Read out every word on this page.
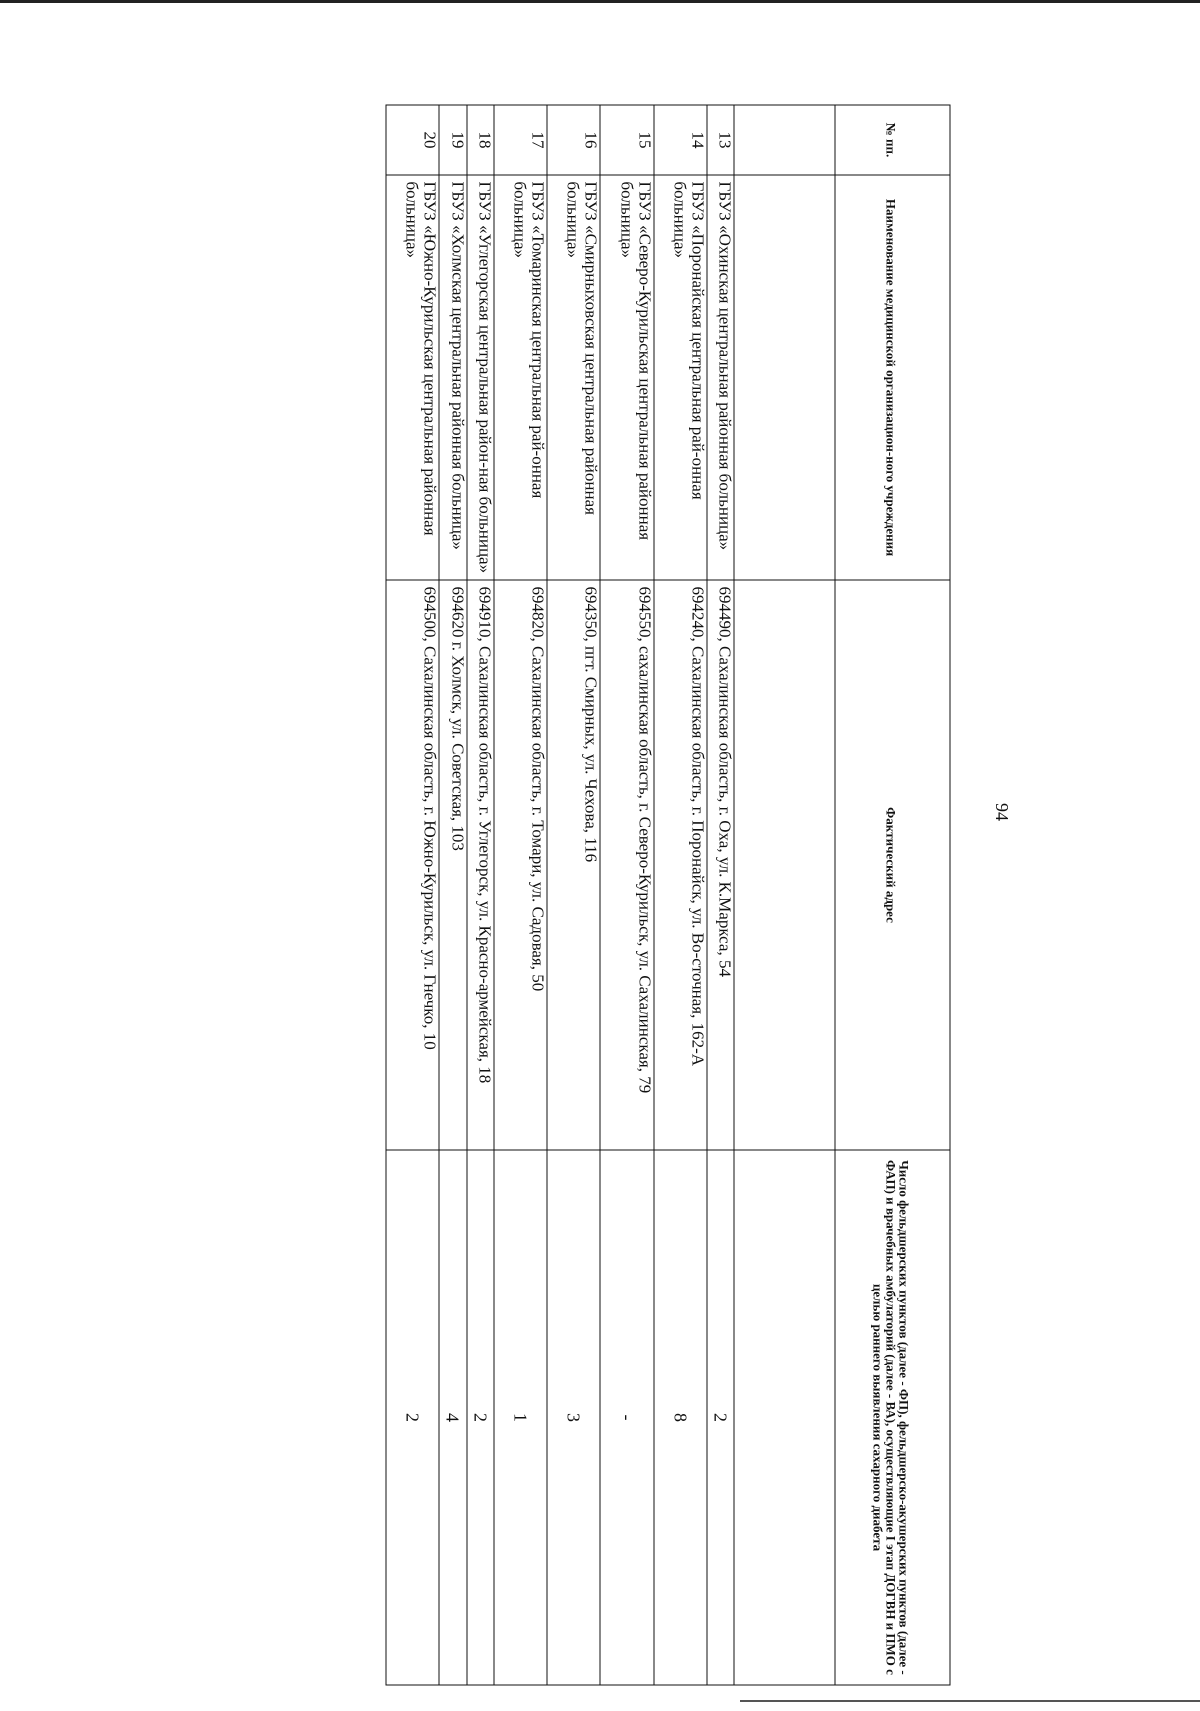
94
№ пп.	Наименование медицинской организацион-ного учреждения	Фактический адрес	Число фельдшерских пунктов (далее - ФП), фельдшерско-акушерских пунктов (далее - ФАП) и врачебных амбулаторий (далее - ВА), осуществляющие I этап ДОГВН и ПМО с целью раннего выявления сахарного диабета

13	ГБУЗ «Охинская центральная районная больница»	694490, Сахалинская область, г. Оха, ул. К.Маркса, 54	2
14	ГБУЗ «Поронайская центральная рай-онная больница»	694240, Сахалинская область, г. Поронайск, ул. Во-сточная, 162-А	8
15	ГБУЗ «Северо-Курильская центральная районная больница»	694550, сахалинская область, г. Северо-Курильск, ул. Сахалинская, 79	-
16	ГБУЗ «Смирныховская центральная районная больница»	694350, пгт. Смирных, ул. Чехова, 116	3
17	ГБУЗ «Томаринская центральная рай-онная больница»	694820, Сахалинская область, г. Томари, ул. Садовая, 50	1
18	ГБУЗ «Углегорская центральная район-ная больница»	694910, Сахалинская область, г. Углегорск, ул. Красно-армейская, 18	2
19	ГБУЗ «Холмская центральная районная больница»	694620 г. Холмск, ул. Советская, 103	4
20	ГБУЗ «Южно-Курильская центральная районная больница»	694500, Сахалинская область, г. Южно-Курильск, ул. Гнечко, 10	2
